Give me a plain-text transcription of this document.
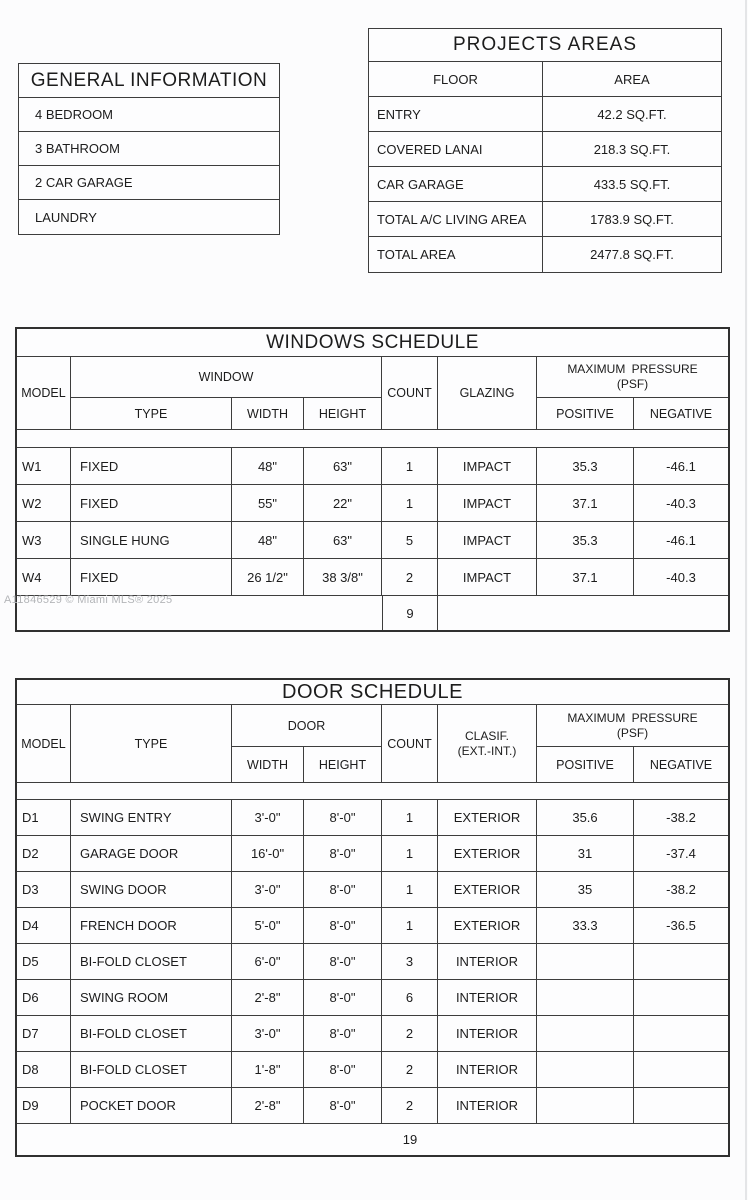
GENERAL INFORMATION
4 BEDROOM
3 BATHROOM
2 CAR GARAGE
LAUNDRY
PROJECTS AREAS
FLOOR	AREA
ENTRY	42.2 SQ.FT.
COVERED LANAI	218.3 SQ.FT.
CAR GARAGE	433.5 SQ.FT.
TOTAL A/C LIVING AREA	1783.9 SQ.FT.
TOTAL AREA	2477.8 SQ.FT.
WINDOWS SCHEDULE
MODEL
WINDOW
TYPE	WIDTH	HEIGHT
COUNT	GLAZING
MAXIMUM PRESSURE
(PSF)
POSITIVE	NEGATIVE
W1	FIXED	48"	63"	1	IMPACT	35.3	-46.1
W2	FIXED	55"	22"	1	IMPACT	37.1	-40.3
W3	SINGLE HUNG	48"	63"	5	IMPACT	35.3	-46.1
W4	FIXED	26 1/2"	38 3/8"	2	IMPACT	37.1	-40.3
9
DOOR SCHEDULE
MODEL	TYPE
DOOR
WIDTH	HEIGHT
COUNT
CLASIF.
(EXT.-INT.)
MAXIMUM PRESSURE
(PSF)
POSITIVE	NEGATIVE
D1	SWING ENTRY	3'-0"	8'-0"	1	EXTERIOR	35.6	-38.2
D2	GARAGE DOOR	16'-0"	8'-0"	1	EXTERIOR	31	-37.4
D3	SWING DOOR	3'-0"	8'-0"	1	EXTERIOR	35	-38.2
D4	FRENCH DOOR	5'-0"	8'-0"	1	EXTERIOR	33.3	-36.5
D5	BI-FOLD CLOSET	6'-0"	8'-0"	3	INTERIOR
D6	SWING ROOM	2'-8"	8'-0"	6	INTERIOR
D7	BI-FOLD CLOSET	3'-0"	8'-0"	2	INTERIOR
D8	BI-FOLD CLOSET	1'-8"	8'-0"	2	INTERIOR
D9	POCKET DOOR	2'-8"	8'-0"	2	INTERIOR
19
A11846529 © Miami MLS® 2025
